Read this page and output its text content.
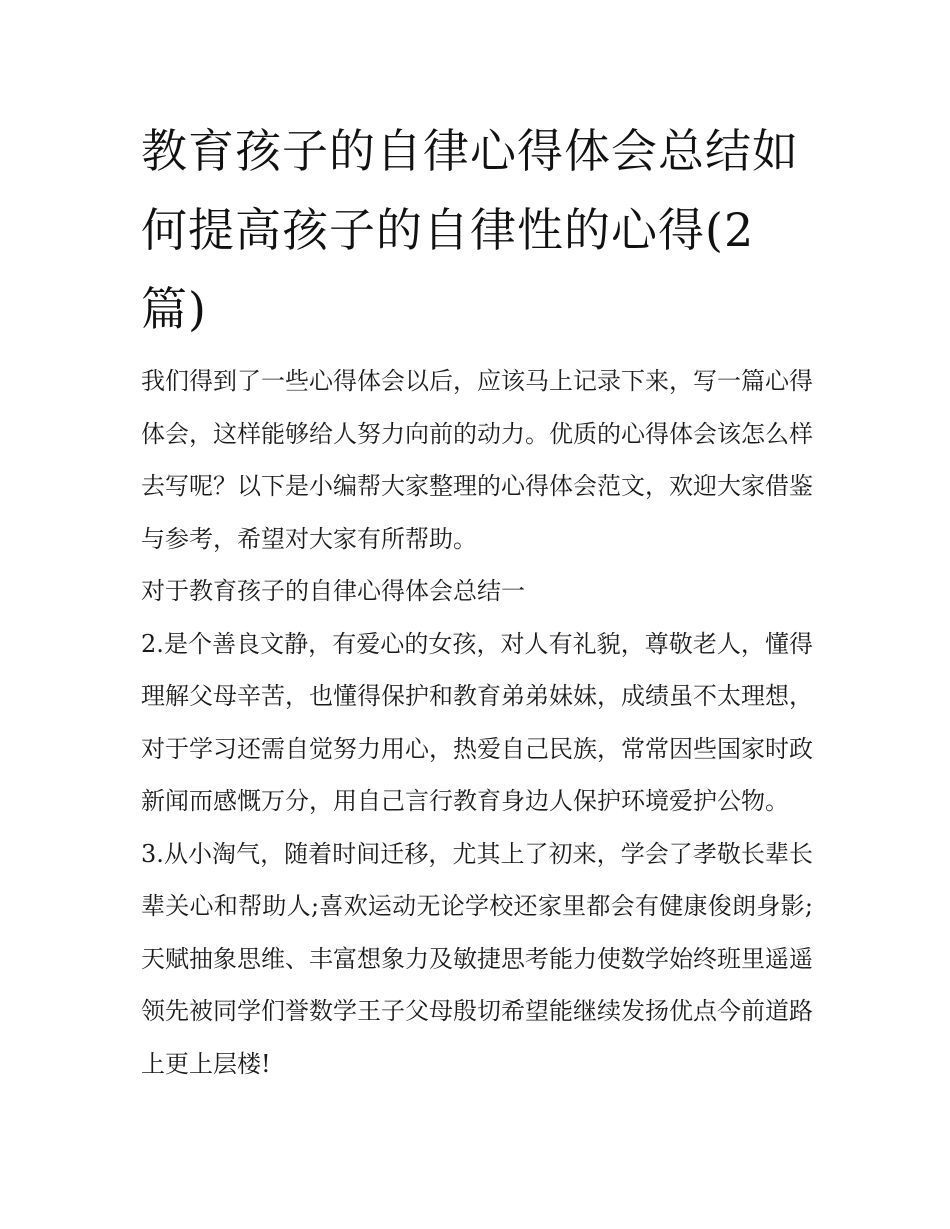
教育孩子的自律心得体会总结如何提高孩子的自律性的心得(2篇)

我们得到了一些心得体会以后，应该马上记录下来，写一篇心得体会，这样能够给人努力向前的动力。优质的心得体会该怎么样去写呢？以下是小编帮大家整理的心得体会范文，欢迎大家借鉴与参考，希望对大家有所帮助。

对于教育孩子的自律心得体会总结一

2.是个善良文静，有爱心的女孩，对人有礼貌，尊敬老人，懂得理解父母辛苦，也懂得保护和教育弟弟妹妹，成绩虽不太理想，对于学习还需自觉努力用心，热爱自己民族，常常因些国家时政新闻而感慨万分，用自己言行教育身边人保护环境爱护公物。

3.从小淘气，随着时间迁移，尤其上了初来，学会了孝敬长辈长辈关心和帮助人;喜欢运动无论学校还家里都会有健康俊朗身影;天赋抽象思维、丰富想象力及敏捷思考能力使数学始终班里遥遥领先被同学们誉数学王子父母殷切希望能继续发扬优点今前道路上更上层楼!
